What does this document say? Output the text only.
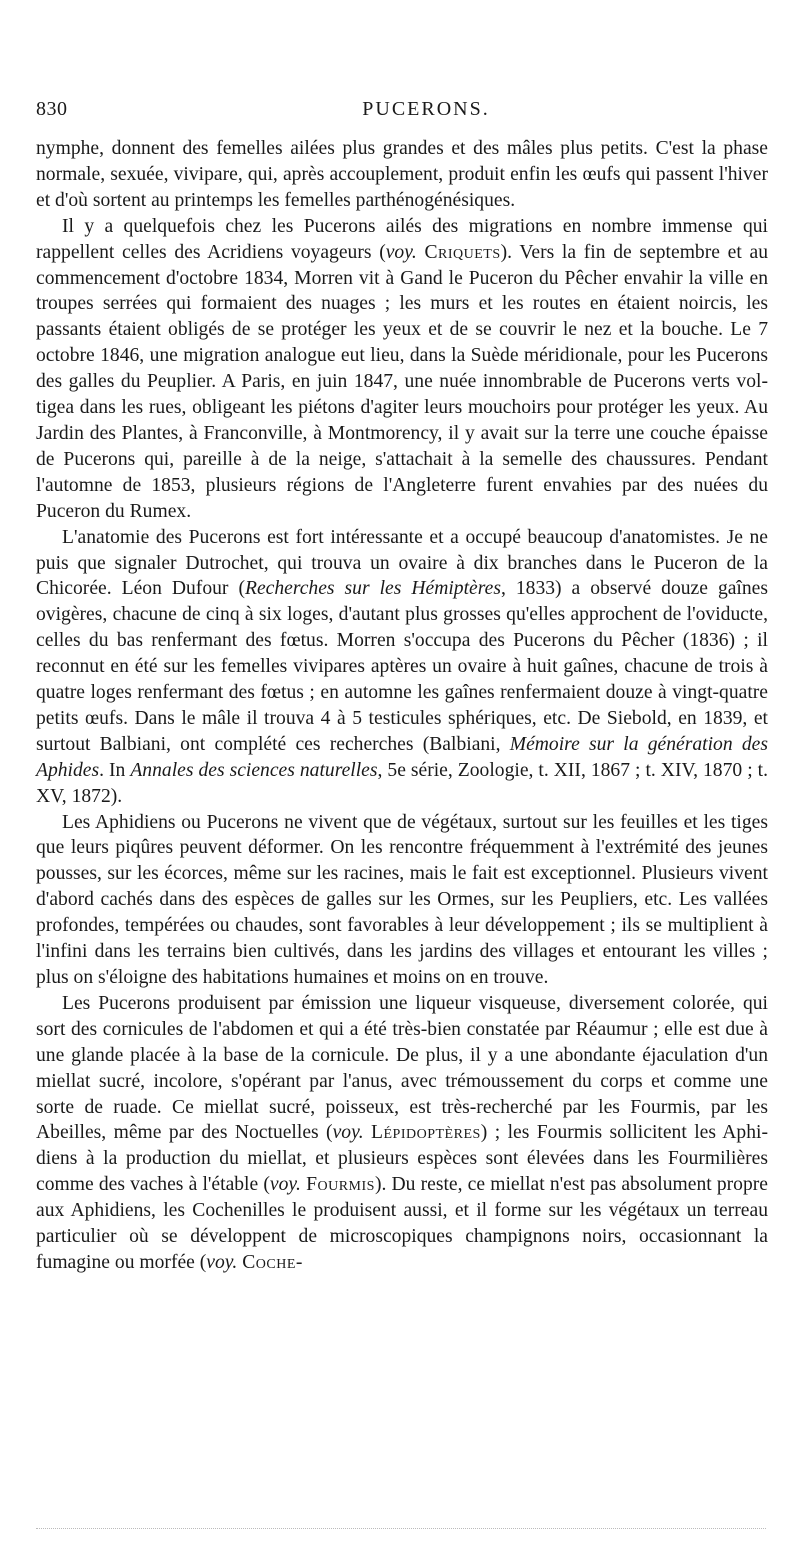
830	PUCERONS.

nymphe, donnent des femelles ailées plus grandes et des mâles plus petits. C'est la phase normale, sexuée, vivipare, qui, après accouplement, produit enfin les œufs qui passent l'hiver et d'où sortent au printemps les femelles parthénogénésiques.

Il y a quelquefois chez les Pucerons ailés des migrations en nombre immense qui rappellent celles des Acridiens voyageurs (voy. Criquets). Vers la fin de septembre et au commencement d'octobre 1834, Morren vit à Gand le Puceron du Pêcher envahir la ville en troupes serrées qui formaient des nuages ; les murs et les routes en étaient noircis, les passants étaient obligés de se protéger les yeux et de se couvrir le nez et la bouche. Le 7 octobre 1846, une migration analogue eut lieu, dans la Suède méridionale, pour les Pucerons des galles du Peuplier. A Paris, en juin 1847, une nuée innombrable de Pucerons verts voltigea dans les rues, obligeant les piétons d'agiter leurs mouchoirs pour protéger les yeux. Au Jardin des Plantes, à Franconville, à Montmorency, il y avait sur la terre une couche épaisse de Pucerons qui, pareille à de la neige, s'attachait à la semelle des chaussures. Pendant l'automne de 1853, plusieurs régions de l'Angleterre furent envahies par des nuées du Puceron du Rumex.

L'anatomie des Pucerons est fort intéressante et a occupé beaucoup d'anatomistes. Je ne puis que signaler Dutrochet, qui trouva un ovaire à dix branches dans le Puceron de la Chicorée. Léon Dufour (Recherches sur les Hémiptères, 1833) a observé douze gaînes ovigères, chacune de cinq à six loges, d'autant plus grosses qu'elles approchent de l'oviducte, celles du bas renfermant des fœtus. Morren s'occupa des Pucerons du Pêcher (1836) ; il reconnut en été sur les femelles vivipares aptères un ovaire à huit gaînes, chacune de trois à quatre loges renfermant des fœtus ; en automne les gaînes renfermaient douze à vingt-quatre petits œufs. Dans le mâle il trouva 4 à 5 testicules sphériques, etc. De Siebold, en 1839, et surtout Balbiani, ont complété ces recherches (Balbiani, Mémoire sur la génération des Aphides. In Annales des sciences naturelles, 5e série, Zoologie, t. XII, 1867 ; t. XIV, 1870 ; t. XV, 1872).

Les Aphidiens ou Pucerons ne vivent que de végétaux, surtout sur les feuilles et les tiges que leurs piqûres peuvent déformer. On les rencontre fréquemment à l'extrémité des jeunes pousses, sur les écorces, même sur les racines, mais le fait est exceptionnel. Plusieurs vivent d'abord cachés dans des espèces de galles sur les Ormes, sur les Peupliers, etc. Les vallées profondes, tempérées ou chaudes, sont favorables à leur développement ; ils se multiplient à l'infini dans les terrains bien cultivés, dans les jardins des villages et entourant les villes ; plus on s'éloigne des habitations humaines et moins on en trouve.

Les Pucerons produisent par émission une liqueur visqueuse, diversement colorée, qui sort des cornicules de l'abdomen et qui a été très-bien constatée par Réaumur ; elle est due à une glande placée à la base de la cornicule. De plus, il y a une abondante éjaculation d'un miellat sucré, incolore, s'opérant par l'anus, avec trémoussement du corps et comme une sorte de ruade. Ce miellat sucré, poisseux, est très-recherché par les Fourmis, par les Abeilles, même par des Noctuelles (voy. Lépidoptères) ; les Fourmis sollicitent les Aphidiens à la production du miellat, et plusieurs espèces sont élevées dans les Fourmilières comme des vaches à l'étable (voy. Fourmis). Du reste, ce miellat n'est pas absolument propre aux Aphidiens, les Cochenilles le produisent aussi, et il forme sur les végétaux un terreau particulier où se développent de microscopiques champignons noirs, occasionnant la fumagine ou morfée (voy. Coche-
